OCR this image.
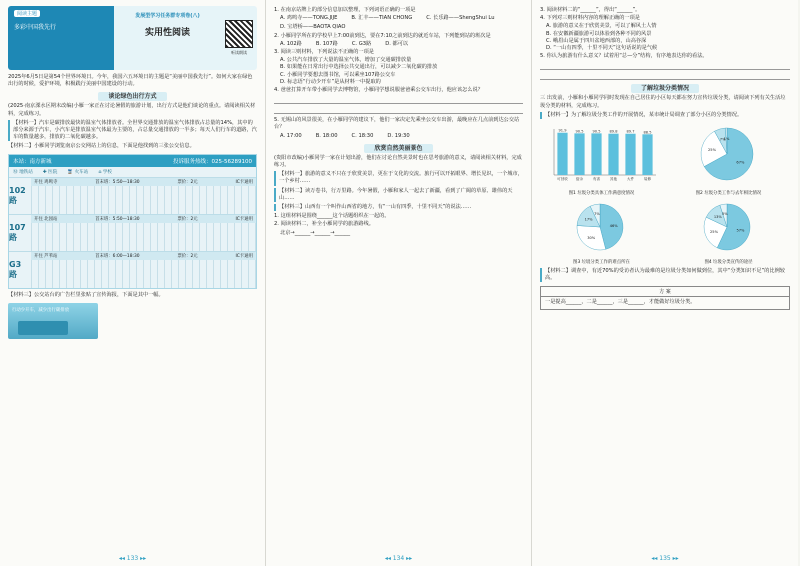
阅读主题
多彩中国我先行
发展型学习任务群专项卷(八)
实用性阅读
听读朗读
2025年6月5日是第54个世界环境日。今年，我国六五环境日的主题是“美丽中国我先行”。如何大家在绿色出行的时候，爱护环境，积极践行美丽中国建设的行动。
谈论绿色出行方式
(2025·南京溧水区期末改编)小雁一家正在讨论暑假的旅游计划，出行方式是他们谈论的重点。请阅读相关材料，完成练习。
【材料一】汽车是碳排放最快的温室气体排放者。全世界交通排放的温室气体排放占总量的14%，其中的部分来源于汽车，小汽车是排放温室气体最为主要的，占总量交通排放的一半多；每天人们行车的道路，汽车的数量越多，排放的二氧化碳越多。
【材料二】小雁同学浏览南京公交网站上的信息，下面是他找到的三张公交信息。
本站：南方新城	投诉服务热线：025-56289100
Ⓜ 地铁站 ✚ 医院 🚆 火车站 ⌂ 学校
102 路
开往 鸡鸣寺	首末班：5:50—18:30	票价：2元	IC卡通用
107 路
开往 北园站	首末班：5:50—18:30	票价：2元	IC卡通用
G3 路
开往 芦苇站	首末班：6:00—18:30	票价：2元	IC卡通用
【材料三】公交站台的广告栏里张贴了宣传海报，下面是其中一幅。
行动少开车，减少出行碳排放
◂◂ 133 ▸▸
1. 在南京站牌上的部分信息加以整理，下列词语正确的一项是
A. 鸡鸣寺——TONG.JIJE	B. 汇丰——TIAN CHONG	C. 长乐路——ShengShui Lu
D. 宝塔桥——BAOTA QIAO
2. 小雁同学所在的学校早上7:00前到达，要在7:10之前到达的就近车站，下列能到站的班次是
A. 102路	B. 107路	C. G3路	D. 都可以
3. 阅读三则材料，下列说法不正确的一项是
A. 公共汽车排放了大量的温室气体，增加了交通碳排放量
B. 如果能在日常出行中选择公共交通出行，可以减少二氧化碳的排放
C. 小雁同学要想去图书馆，可以乘坐107路公交车
D. 标志语“行动少开车”是从材料一中提取的
4. 爸爸打算开车带小雁同学去博物馆，小雁同学想说服爸爸乘公交车出行，他应该怎么说？
5. 无锡山的风景很美，在小雁同学的建议下，他们一家决定先乘坐公交车出游，最晚应在几点前到达公交站台？
A. 17:00	B. 18:00	C. 18:30	D. 19:30
欣赏自然美丽景色
(贵阳市改编)小雁同学一家在计划出游，他们在讨论自然美景时也在思考旅游的意义，请阅读相关材料，完成练习。
【材料一】旅游的意义不只在于欣赏美景，更在于文化的交流。旅行可以开拓眼界、增长见识，一个城市，一个乡村……
【材料二】读万卷书，行万里路。今年暑假，小雁和家人一起去了新疆，看到了广阔的草原、雄伟的天山……
【材料三】山西有一个叫作山西省的地方，有“一山有四季，十里不同天”的说法……
1. 这组材料是围绕______这个话题组织在一起的。
2. 阅读材料二，补全小雁同学的旅游路线。
北京→______→______→______
◂◂ 134 ▸▸
3. 阅读材料二的“______”，得出“______”。
4. 下列对三则材料内容的理解正确的一项是
A. 旅游的意义在于欣赏美景，可以了解风土人情
B. 在安徽新疆旅游可以体验到各种不同的风景
C. 峨眉山是属于四川盆地西部的，山高谷深
D. “一山有四季，十里不同天”这句话说的是气候
5. 你认为旅游有什么意义？试着用“总—分”结构，有序地表达你的看法。
了解垃圾分类情况
三 出发前，小雁和小雁同学同时发现在自己居住的小区每天都在努力宣传垃圾分类，请阅读下列有关生活垃圾分类的材料，完成练习。
【材料一】为了解垃圾分类工作的开展情况，某市统计局调查了部分小区的分类情况。
91.9
可回收
90.5
厨余
90.5
有害
89.8
其他
89.7
大件
88.5
装修
图1 垃圾分类具体工作满意度情况
67%
25%
7%
1%
图2 垃圾分类工作与去年相比情况
46%
30%
17%
7%
图3 垃圾分类工作的难点所在
57%
25%
13%
5%
图4 垃圾分类宣传的途径
【材料二】调查中，有近70%的受访者认为最难的是垃圾分类如何做到位，其中“分类知识不足”的比例较高。
方 案
一是提高______，二是______，三是______，才能做好垃圾分类。
◂◂ 135 ▸▸
